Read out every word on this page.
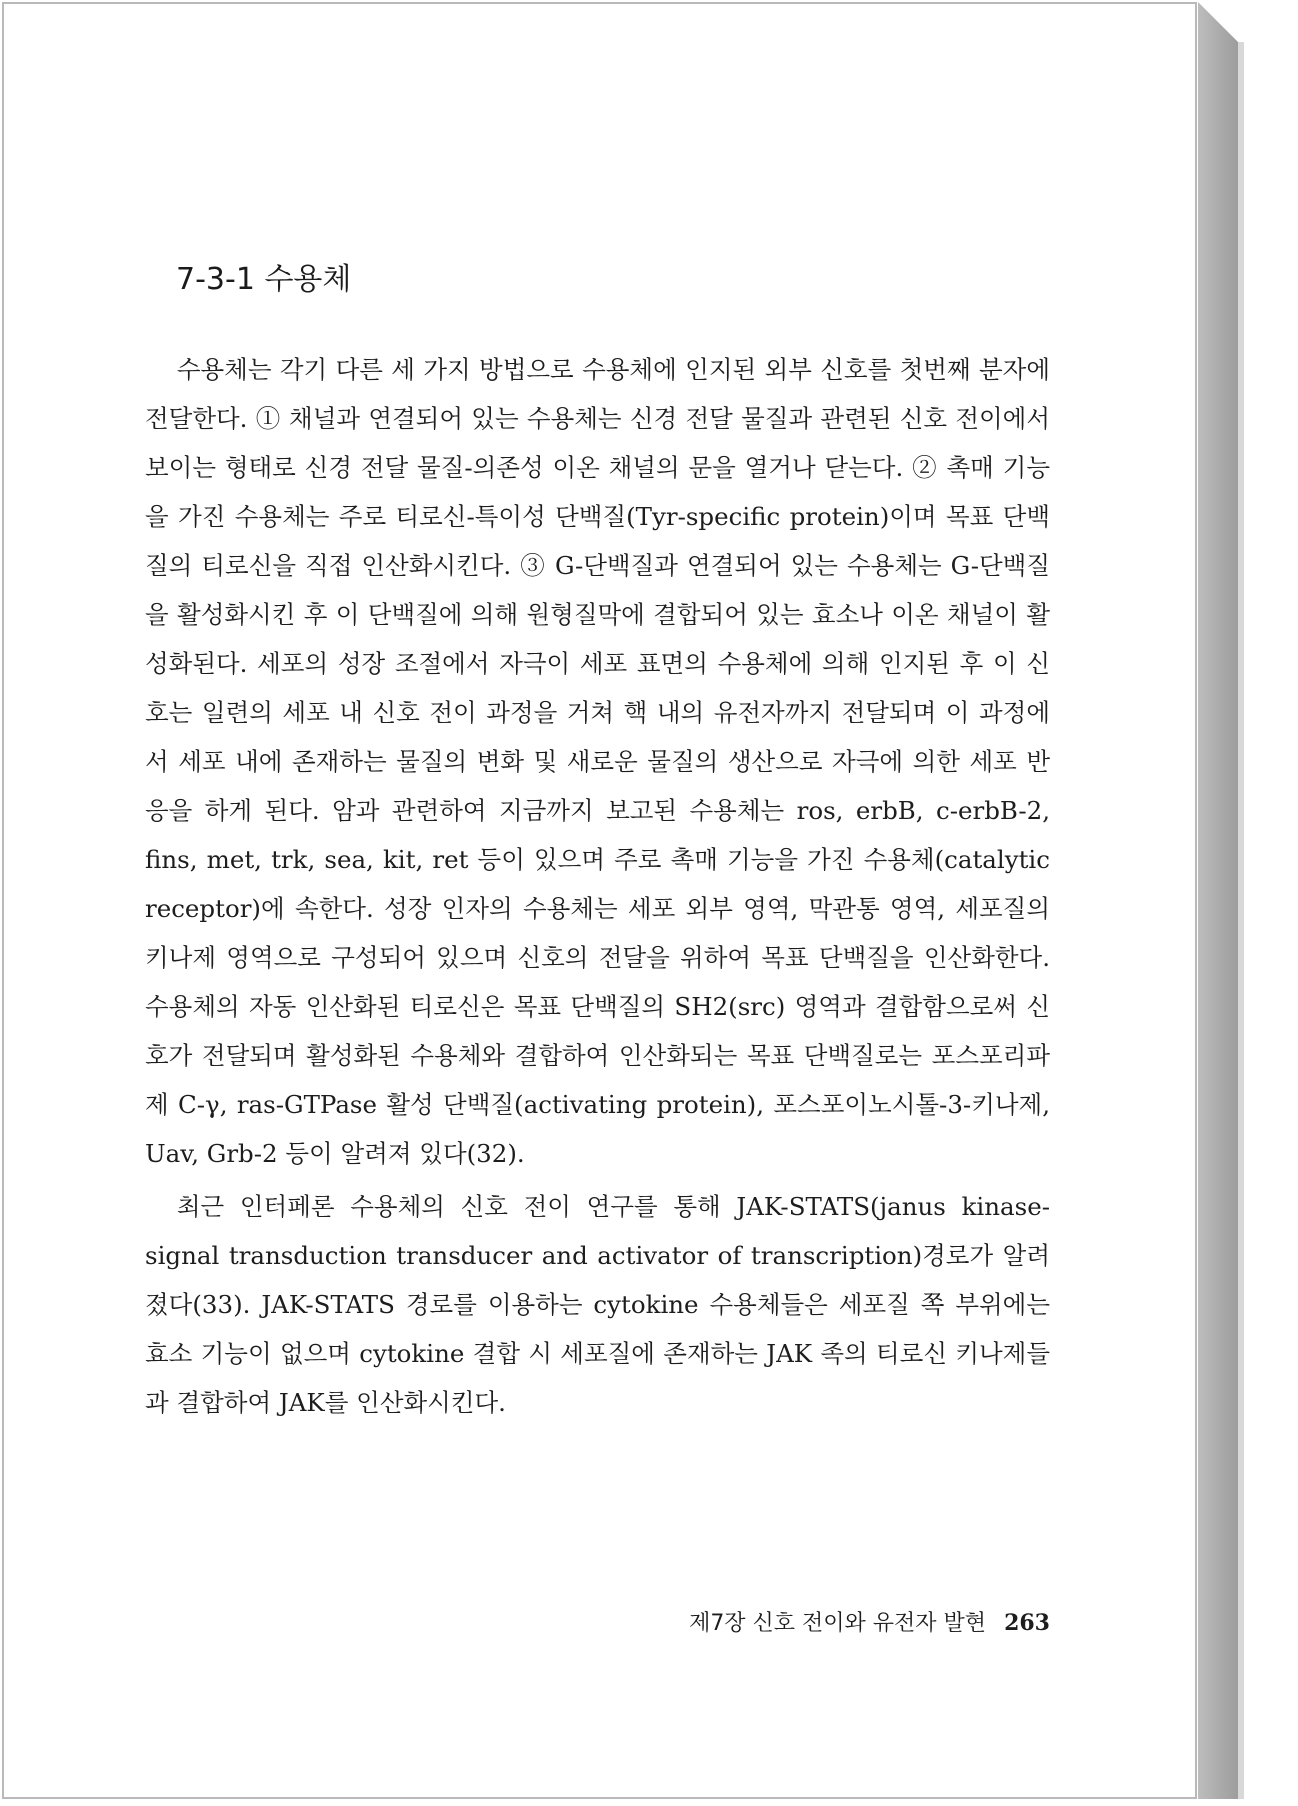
7-3-1 수용체

수용체는 각기 다른 세 가지 방법으로 수용체에 인지된 외부 신호를 첫번째 분자에 전달한다. ① 채널과 연결되어 있는 수용체는 신경 전달 물질과 관련된 신호 전이에서 보이는 형태로 신경 전달 물질-의존성 이온 채널의 문을 열거나 닫는다. ② 촉매 기능을 가진 수용체는 주로 티로신-특이성 단백질(Tyr-specific protein)이며 목표 단백질의 티로신을 직접 인산화시킨다. ③ G-단백질과 연결되어 있는 수용체는 G-단백질을 활성화시킨 후 이 단백질에 의해 원형질막에 결합되어 있는 효소나 이온 채널이 활성화된다. 세포의 성장 조절에서 자극이 세포 표면의 수용체에 의해 인지된 후 이 신호는 일련의 세포 내 신호 전이 과정을 거쳐 핵 내의 유전자까지 전달되며 이 과정에서 세포 내에 존재하는 물질의 변화 및 새로운 물질의 생산으로 자극에 의한 세포 반응을 하게 된다. 암과 관련하여 지금까지 보고된 수용체는 ros, erbB, c-erbB-2, fins, met, trk, sea, kit, ret 등이 있으며 주로 촉매 기능을 가진 수용체(catalytic receptor)에 속한다. 성장 인자의 수용체는 세포 외부 영역, 막관통 영역, 세포질의 키나제 영역으로 구성되어 있으며 신호의 전달을 위하여 목표 단백질을 인산화한다. 수용체의 자동 인산화된 티로신은 목표 단백질의 SH2(src) 영역과 결합함으로써 신호가 전달되며 활성화된 수용체와 결합하여 인산화되는 목표 단백질로는 포스포리파제 C-γ, ras-GTPase 활성 단백질(activating protein), 포스포이노시톨-3-키나제, Uav, Grb-2 등이 알려져 있다(32).

최근 인터페론 수용체의 신호 전이 연구를 통해 JAK-STATS(janus kinase-signal transduction transducer and activator of transcription)경로가 알려졌다(33). JAK-STATS 경로를 이용하는 cytokine 수용체들은 세포질 쪽 부위에는 효소 기능이 없으며 cytokine 결합 시 세포질에 존재하는 JAK 족의 티로신 키나제들과 결합하여 JAK를 인산화시킨다.

제7장 신호 전이와 유전자 발현 263
